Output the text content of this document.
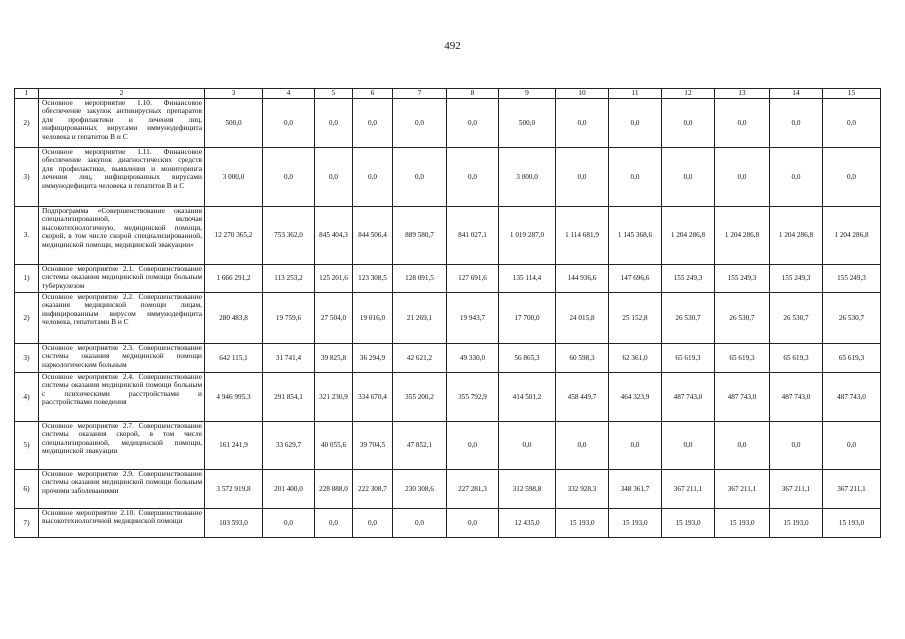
492
1	2	3	4	5	6	7	8	9	10	11	12	13	14	15
2)	Основное мероприятие 1.10. Финансовое обеспечение закупок антивирусных препаратов для профилактики и лечения лиц, инфицированных вирусами иммунодефицита человека и гепатитов В и С	500,0	0,0	0,0	0,0	0,0	0,0	500,0	0,0	0,0	0,0	0,0	0,0	0,0
3)	Основное мероприятие 1.11. Финансовое обеспечение закупок диагностических средств для профилактики, выявления и мониторинга лечения лиц, инфицированных вирусами иммунодефицита человека и гепатитов В и С	3 000,0	0,0	0,0	0,0	0,0	0,0	3 000,0	0,0	0,0	0,0	0,0	0,0	0,0
3.	Подпрограмма «Совершенствование оказания специализированной, включая высокотехнологичную, медицинской помощи, скорой, в том числе скорой специализированной, медицинской помощи, медицинской эвакуации»	12 270 365,2	753 362,0	845 404,3	844 506,4	889 580,7	841 027,1	1 019 287,0	1 114 681,9	1 145 368,6	1 204 286,8	1 204 286,8	1 204 286,8	1 204 286,8
1)	Основное мероприятие 2.1. Совершенствование системы оказания медицинской помощи больным туберкулезом	1 666 291,2	113 253,2	125 201,6	123 308,5	128 091,5	127 691,6	135 114,4	144 936,6	147 696,6	155 249,3	155 249,3	155 249,3	155 249,3
2)	Основное мероприятие 2.2. Совершенствование оказания медицинской помощи лицам, инфицированным вирусом иммунодефицита человека, гепатитами В и С	280 483,8	19 759,6	27 504,0	19 016,0	21 269,1	19 943,7	17 700,0	24 015,8	25 152,8	26 530,7	26 530,7	26 530,7	26 530,7
3)	Основное мероприятие 2.3. Совершенствование системы оказания медицинской помощи наркологическим больным	642 115,1	31 741,4	39 825,8	36 294,9	42 621,2	49 330,0	56 865,3	60 598,3	62 361,0	65 619,3	65 619,3	65 619,3	65 619,3
4)	Основное мероприятие 2.4. Совершенствование системы оказания медицинской помощи больным с психическими расстройствами и расстройствами поведения	4 946 995,3	291 854,1	321 230,9	334 670,4	355 200,2	355 792,9	414 501,2	458 449,7	464 323,9	487 743,0	487 743,0	487 743,0	487 743,0
5)	Основное мероприятие 2.7. Совершенствование системы оказания скорой, в том числе специализированной, медицинской помощи, медицинской эвакуации	161 241,9	33 629,7	40 055,6	39 704,5	47 852,1	0,0	0,0	0,0	0,0	0,0	0,0	0,0	0,0
6)	Основное мероприятие 2.9. Совершенствование системы оказания медицинской помощи больным прочими заболеваниями	3 572 919,8	201 400,0	228 888,0	222 308,7	230 308,6	227 281,3	312 598,8	332 928,3	348 361,7	367 211,1	367 211,1	367 211,1	367 211,1
7)	Основное мероприятие 2.10. Совершенствование высокотехнологичной медицинской помощи	103 593,0	0,0	0,0	0,0	0,0	0,0	12 435,0	15 193,0	15 193,0	15 193,0	15 193,0	15 193,0	15 193,0
